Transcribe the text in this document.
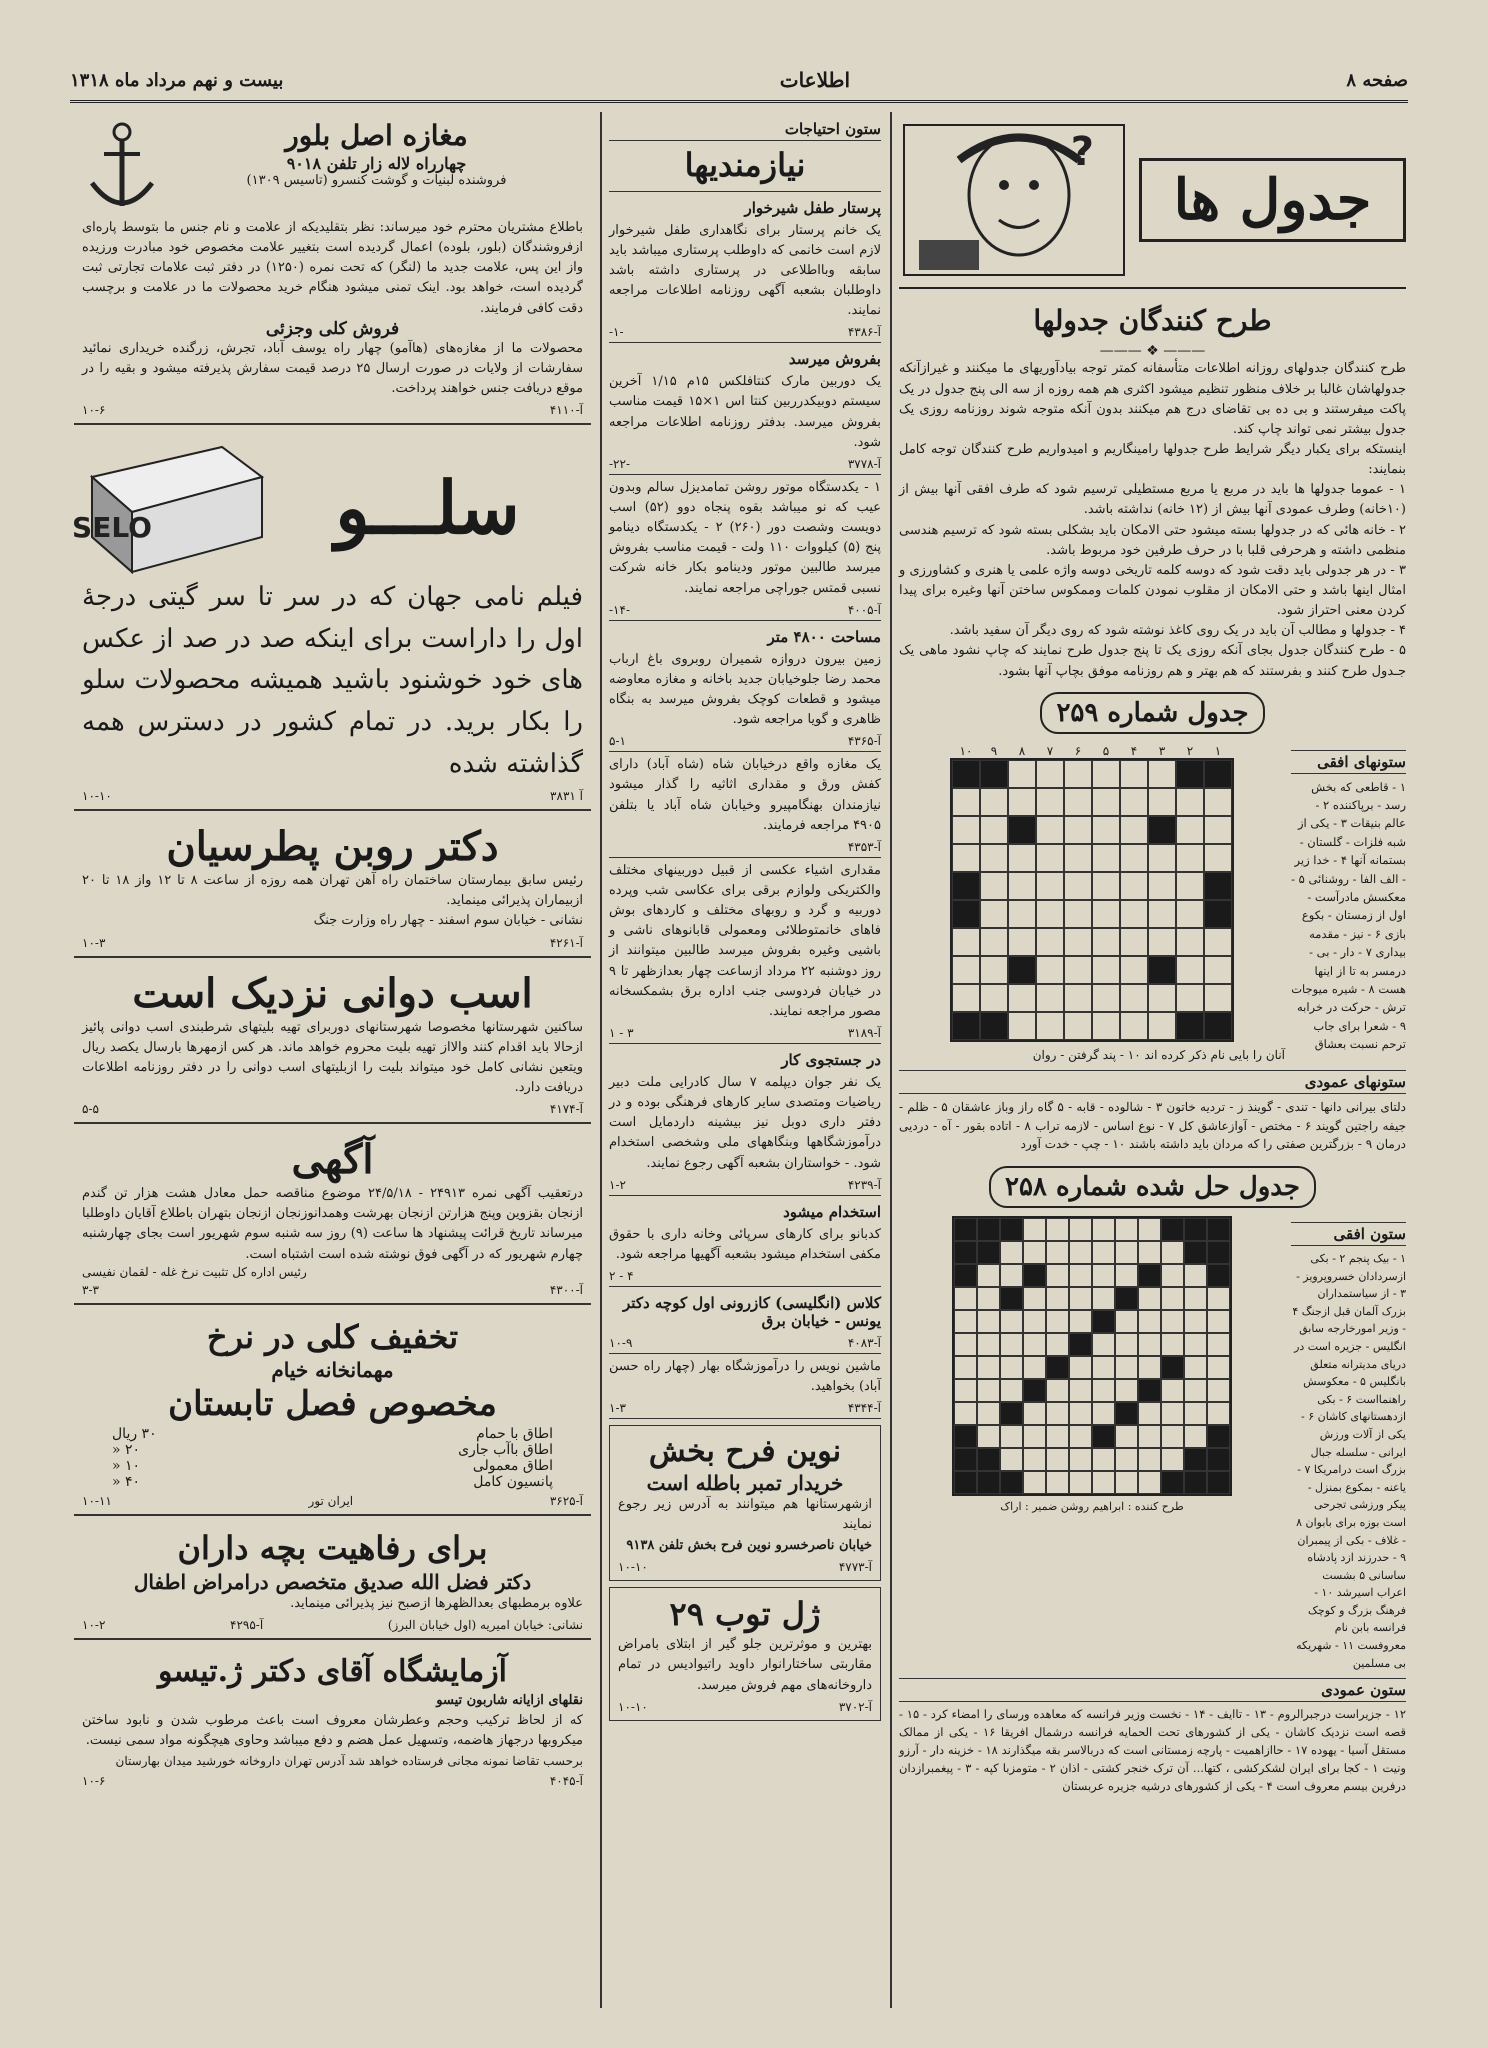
صفحه ۸
اطلاعات
بیست و نهم مرداد ماه ۱۳۱۸
جدول ها
?
طرح کنندگان جدولها
——— ❖ ———
طرح کنندگان جدولهای روزانه اطلاعات متأسفانه کمتر توجه بیادآوریهای ما میکنند و غیرازآنکه جدولهاشان غالبا بر خلاف منظور تنظیم میشود اکثری هم همه روزه از سه الی پنج جدول در یک پاکت میفرستند و بی ده بی تقاضای درج هم میکنند بدون آنکه متوجه شوند روزنامه روزی یک جدول بیشتر نمی تواند چاپ کند.
اینستکه برای یکبار دیگر شرایط طرح جدولها رامینگاریم و امیدواریم طرح کنندگان توجه کامل بنمایند:
۱ - عموما جدولها ها باید در مربع یا مربع مستطیلی ترسیم شود که طرف افقی آنها بیش از (۱۰خانه) وطرف عمودی آنها بیش از (۱۲ خانه) نداشته باشد.
۲ - خانه هائی که در جدولها بسته میشود حتی الامکان باید بشکلی بسته شود که ترسیم هندسی منظمی داشته و هرحرفی قلبا با در حرف طرفین خود مربوط باشد.
۳ - در هر جدولی باید دقت شود که دوسه کلمه تاریخی دوسه واژه علمی یا هنری و کشاورزی و امثال اینها باشد و حتی الامکان از مقلوب نمودن کلمات وممکوس ساختن آنها وغیره برای پیدا کردن معنی احتراز شود.
۴ - جدولها و مطالب آن باید در یک روی کاغذ نوشته شود که روی دیگر آن سفید باشد.
۵ - طرح کنندگان جدول بجای آنکه روزی یک تا پنج جدول طرح نمایند که چاپ نشود ماهی یک جـدول طرح کنند و بفرستند که هم بهتر و هم روزنامه موفق بچاپ آنها بشود.
جدول شماره ۲۵۹
ستونهای افقی
۱ - قاطعی که بخش رسد - برپاکننده ۲ - عالم بنیقات ۳ - یکی از شبه فلزات - گلستان - بستمانه آنها ۴ - خدا زیر - الف الفا - روشنائی ۵ - معکسش مادرآست - اول از زمستان - بکوع بازی ۶ - نیز - مقدمه بیداری ۷ - دار - بی - درمسر به تا از اینها هست ۸ - شیره میوجات ترش - حرکت در خرابه ۹ - شعرا برای جاب ترحم نسبت بعشاق
۱۰	۹	۸	۷	۶	۵	۴	۳	۲	۱
آنان را بایی نام ذکر کرده اند ۱۰ - پند گرفتن - روان
ستونهای عمودی
دلتای بیرانی دانها - تندی - گوینذ ز - تردیه خاتون ۳ - شالوده - قابه - ۵ گاه راز وباز عاشقان ۵ - ظلم - جیفه راجتین گویند ۶ - مختص - آوازعاشق کل ۷ - نوع اساس - لازمه تراب ۸ - اتاده بقور - آه - دردیی درمان ۹ - بزرگترین صفتی را که مردان باید داشته باشند ۱۰ - چپ - خدت آورد
جدول حل شده شماره ۲۵۸
ستون افقی
۱ - بیک پنجم ۲ - بکی ازسردادان خسروپرویز - ۳ - از سیاستمداران بزرک آلمان قبل ازجنگ ۴ - وزیر امورخارجه سابق انگلیس - جزیره است در دریای مدیترانه متعلق بانگلیس ۵ - معکوسش راهنمااست ۶ - بکی ازدهستانهای کاشان ۶ - یکی از آلات ورزش ایرانی - سلسله جبال بزرگ است درامریکا ۷ - یاعنه - بمکوع بمنزل - پیکر ورزشی تجرحی است بوزه برای بابوان ۸ - غلاف - بکی از پیمبران ۹ - حدرزند ازد پادشاه ساسانی ۵ بشست اعراب اسیرشد ۱۰ - فرهنگ بزرگ و کوچک فرانسه بابن نام معروفست ۱۱ - شهریکه بی مسلمین
طرح کننده : ابراهیم روشن ضمیر : اراک
ستون عمودی
۱۲ - جزیراست درجبرالروم - ۱۳ - تاایف - ۱۴ - نخست وزیر فرانسه که معاهده ورسای را امضاء کرد - ۱۵ - قصه است نزدیک کاشان - یکی از کشورهای تحت الحمایه فرانسه درشمال افریقا ۱۶ - یکی از ممالک مستقل آسیا - یهوده ۱۷ - حاازاهمیت - پارچه زمستانی است که دربالاسر بقه میگذارند ۱۸ - خزینه دار - آرزو ونیت ۱ - کجا برای ایران لشکرکشی ، کتها... آن ترک خنجر کشتی - اذان ۲ - متومزبا کپه - ۳ - پیغمبرازدان درفرین بیسم معروف است ۴ - یکی از کشورهای درشیه جزیره عربستان
ستون احتیاجات
نیازمندیها
پرستار طفل شیرخوار
یک خانم پرستار برای نگاهداری طفل شیرخوار لازم است خانمی که داوطلب پرستاری میباشد باید سابقه وبااطلاعی در پرستاری داشته باشد داوطلبان بشعبه آگهی روزنامه اطلاعات مراجعه نمایند.
-۱-	آ-۴۳۸۶
بفروش میرسد
یک دوربین مارک کنتافلکس ۱۵م ۱/۱۵ آخرین سیستم دوبیکدرربین کنتا اس ۱×۱۵ قیمت مناسب بفروش میرسد. بدفتر روزنامه اطلاعات مراجعه شود.
-۲۲-	آ-۳۷۷۸
۱ - یکدستگاه موتور روشن تمامدیزل سالم وبدون عیب که نو میباشد بقوه پنجاه دوو (۵۲) اسب دویست وشصت دور (۲۶۰) ۲ - یکدستگاه دینامو پنج (۵) کیلووات ۱۱۰ ولت - قیمت مناسب بفروش میرسد طالبین موتور ودینامو بکار خانه شرکت نسبی قمتس جوراچی مراجعه نمایند.
-۱۴-	آ-۴۰۰۵
مساحت ۴۸۰۰ متر
زمین بیرون دروازه شمیران روبروی باغ ارباب محمد رضا جلوخیابان جدید باخانه و مغازه معاوضه میشود و قطعات کوچک بفروش میرسد به بنگاه ظاهری و گویا مراجعه شود.
۵-۱	آ-۴۳۶۵
یک مغازه واقع درخیابان شاه (شاه آباد) دارای کفش ورق و مقداری اثاثیه را گذار میشود نیازمندان بهنگامپیرو وخیابان شاه آباد یا بتلفن ۴۹۰۵ مراجعه فرمایند.
آ-۴۳۵۳
مقداری اشیاء عکسی از قبیل دوربینهای مختلف والکتریکی ولوازم برقی برای عکاسی شب وپرده دوربیه و گرد و روبهای مختلف و کاردهای بوش فاهای خانمتوطلائی ومعمولی قابانوهای ناشی و باشیی وغیره بفروش میرسد طالبین میتوانند از روز دوشنبه ۲۲ مرداد ازساعت چهار بعدازظهر تا ۹ در خیابان فردوسی جنب اداره برق بشمکسخانه مصور مراجعه نمایند.
۱ - ۳	آ-۳۱۸۹
در جستجوی کار
یک نفر جوان دیپلمه ۷ سال کادرایی ملت دبیر ریاضیات ومتصدی سایر کارهای فرهنگی بوده و در دفتر داری دوبل نیز بیشینه داردمایل است درآموزشگاهها وبنگاههای ملی وشخصی استخدام شود. - خواستاران بشعبه آگهی رجوع نمایند.
۱-۲	آ-۴۲۳۹
استخدام میشود
کدبانو برای کارهای سرپائی وخانه داری با حقوق مکفی استخدام میشود بشعبه آگهیها مراجعه شود.
۲ - ۴
کلاس (انگلیسی) کازرونی اول کوچه دکتر یونس - خیابان برق
۱۰-۹	آ-۴۰۸۳
ماشین نویس را درآموزشگاه بهار (چهار راه حسن آباد) بخواهید.
۱-۳	آ-۴۳۴۴
نوین فرح بخش
خریدار تمبر باطله است
ازشهرستانها هم میتوانند به آدرس زیر رجوع نمایند
خیابان ناصرخسرو نوین فرح بخش تلفن ۹۱۳۸
۱۰-۱۰	آ-۴۷۷۳
ژل توب ۲۹
بهترین و موثرترین جلو گیر از ابتلای بامراض مقاربتی ساختارانوار داوید راتیوادیس در تمام داروخانه‌های مهم فروش میرسد.
۱۰-۱۰	آ-۳۷۰۲
مغازه اصل بلور
چهارراه لاله زار تلفن ۹۰۱۸
فروشنده لبنیات و گوشت کنسرو (تاسیس ۱۳۰۹)
باطلاع مشتریان محترم خود میرساند: نظر بتقلیدیکه از علامت و نام جنس ما بتوسط پاره‌ای ازفروشندگان (بلور، بلوده) اعمال گردیده است بتغییر علامت مخصوص خود مبادرت ورزیده واز این پس، علامت جدید ما (لنگر) که تحت نمره (۱۲۵۰) در دفتر ثبت علامات تجارتی ثبت گردیده است، خواهد بود. اینک تمنی میشود هنگام خرید محصولات ما در علامت و برچسب دقت کافی فرمایند.
فروش کلی وجزئی
محصولات ما از مغازه‌های (هاآمو) چهار راه یوسف آباد، تجرش، زرگنده خریداری نمائید سفارشات از ولایات در صورت ارسال ۲۵ درصد قیمت سفارش پذیرفته میشود و بقیه را در موقع دریافت جنس خواهند پرداخت.
۱۰-۶	آ-۴۱۱۰
سلـــو
SELO
فیلم نامی جهان که در سر تا سر گیتی درجهٔ اول را داراست برای اینکه صد در صد از عکس های خود خوشنود باشید همیشه محصولات سلو را بکار برید. در تمام کشور در دسترس همه گذاشته شده
۱۰-۱۰	۳۸۳۱ آ
دکتر روبن پطرسیان
رئیس سابق بیمارستان ساختمان راه آهن تهران همه روزه از ساعت ۸ تا ۱۲ واز ۱۸ تا ۲۰ ازبیماران پذیرائی مینماید.
نشانی - خیابان سوم اسفند - چهار راه وزارت جنگ
۱۰-۳	آ-۴۲۶۱
اسب دوانی نزدیک است
ساکنین شهرستانها مخصوصا شهرستانهای دوربرای تهیه بلیتهای شرطبندی اسب دوانی پائیز ازحالا باید اقدام کنند والااز تهیه بلیت محروم خواهد ماند. هر کس ازمهرها بارسال یکصد ریال ویتعین نشانی کامل خود میتواند بلیت را ازبلیتهای اسب دوانی را در دفتر روزنامه اطلاعات دریافت دارد.
۵-۵	آ-۴۱۷۴
آگهی
درتعقیب آگهی نمره ۲۴۹۱۳ - ۲۴/۵/۱۸ موضوع مناقصه حمل معادل هشت هزار تن گندم ازنجان بقزوین وپنج هزارتن ازنجان بهرشت وهمدانوزنجان ازنجان بتهران باطلاع آقایان داوطلبا میرساند تاریخ قرائت پیشنهاد ها ساعت (۹) روز سه شنبه سوم شهریور است بجای چهارشنبه چهارم شهریور که در آگهی فوق نوشته شده است اشتباه است.
رئیس اداره کل تثبیت نرخ غله - لقمان نفیسی
۳-۳	آ-۴۳۰۰
تخفیف کلی در نرخ
مهمانخانه خیام
مخصوص فصل تابستان
اطاق با حمام
۳۰ ریال
اطاق باآب جاری
۲۰ «
اطاق معمولی
۱۰ «
پانسیون کامل
۴۰ «
۱۰-۱۱	ایران تور	آ-۳۶۲۵
برای رفاهیت بچه داران
دکتر فضل الله صدیق متخصص درامراض اطفال
علاوه برمطبهای بعدالظهرها ازصبح نیز پذیرائی مینماید.
۱۰-۲	آ-۴۲۹۵	نشانی: خیابان امیریه (اول خیابان البرز)
آزمایشگاه آقای دکتر ژ.تیسو
نقلهای ازایانه شاربون تیسو
که از لحاظ ترکیب وحجم وعطرشان معروف است باعث مرطوب شدن و نابود ساختن میکروبها درجهاز هاضمه، وتسهیل عمل هضم و دفع میباشد وحاوی هیچگونه مواد سمی نیست.
برحسب تقاضا نمونه مجانی فرستاده خواهد شد آدرس تهران داروخانه خورشید میدان بهارستان
۱۰-۶	آ-۴۰۴۵
